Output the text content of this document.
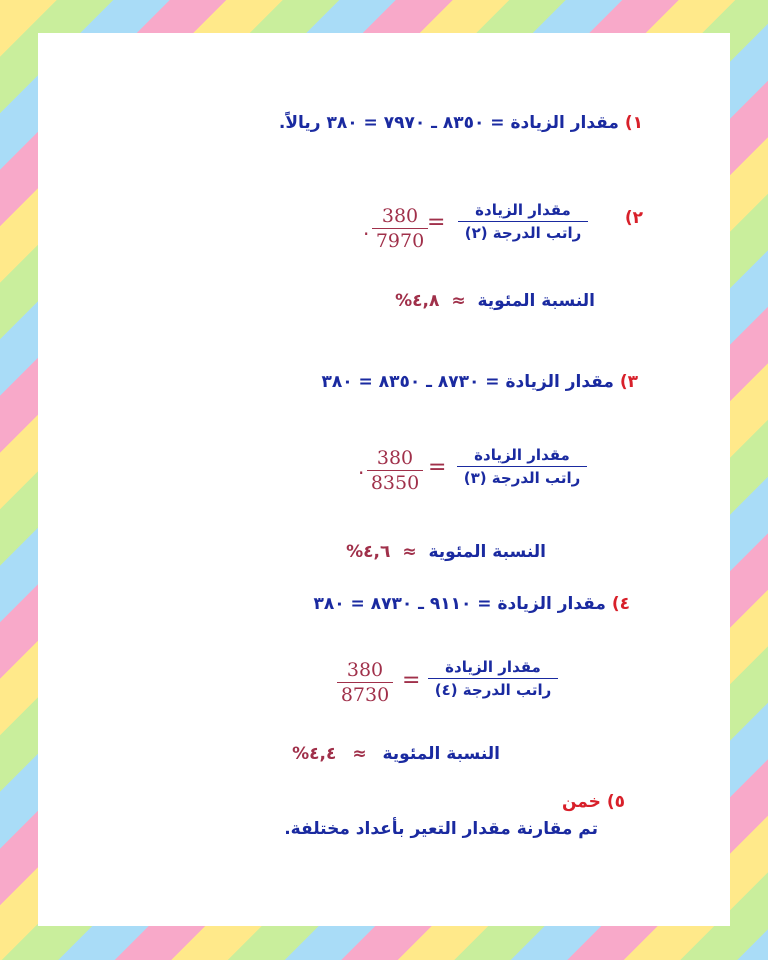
١) مقدار الزيادة = ٨٣٥٠ ـ ٧٩٧٠ = ٣٨٠ ريالاً.
٢)
مقدار الزيادة
راتب الدرجة (٢)
=
380
7970
.
النسبة المئوية ≈ ٤,٨%
٣) مقدار الزيادة = ٨٧٣٠ ـ ٨٣٥٠ = ٣٨٠
مقدار الزيادة
راتب الدرجة (٣)
=
380
8350
.
النسبة المئوية ≈ ٤,٦%
٤) مقدار الزيادة = ٩١١٠ ـ ٨٧٣٠ = ٣٨٠
مقدار الزيادة
راتب الدرجة (٤)
=
380
8730
النسبة المئوية ≈ ٤,٤%
٥) خمن
تم مقارنة مقدار التعير بأعداد مختلفة.
